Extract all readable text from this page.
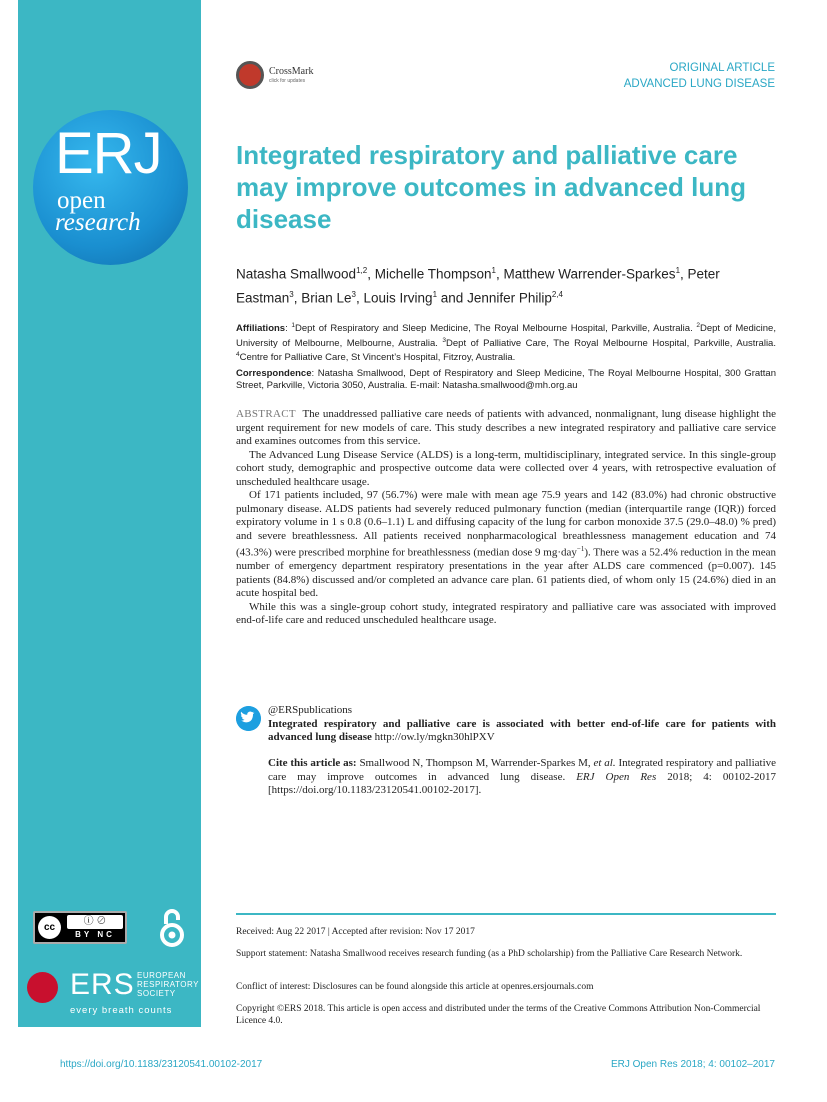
ERJ
open
research
cc
ⓘ ⊘
BY NC
ERS EUROPEAN
RESPIRATORY
SOCIETY
every breath counts
CrossMark
click for updates
ORIGINAL ARTICLE
ADVANCED LUNG DISEASE
Integrated respiratory and palliative care may improve outcomes in advanced lung disease
Natasha Smallwood$^{1,2}$, Michelle Thompson$^1$, Matthew Warrender-Sparkes$^1$, Peter Eastman$^3$, Brian Le$^3$, Louis Irving$^1$ and Jennifer Philip$^{2,4}$
Affiliations: $^1$Dept of Respiratory and Sleep Medicine, The Royal Melbourne Hospital, Parkville, Australia. $^2$Dept of Medicine, University of Melbourne, Melbourne, Australia. $^3$Dept of Palliative Care, The Royal Melbourne Hospital, Parkville, Australia. $^4$Centre for Palliative Care, St Vincent’s Hospital, Fitzroy, Australia.
Correspondence: Natasha Smallwood, Dept of Respiratory and Sleep Medicine, The Royal Melbourne Hospital, 300 Grattan Street, Parkville, Victoria 3050, Australia. E-mail: Natasha.smallwood@mh.org.au

ABSTRACT The unaddressed palliative care needs of patients with advanced, nonmalignant, lung disease highlight the urgent requirement for new models of care. This study describes a new integrated respiratory and palliative care service and examines outcomes from this service.

The Advanced Lung Disease Service (ALDS) is a long-term, multidisciplinary, integrated service. In this single-group cohort study, demographic and prospective outcome data were collected over 4 years, with retrospective evaluation of unscheduled healthcare usage.

Of 171 patients included, 97 (56.7%) were male with mean age 75.9 years and 142 (83.0%) had chronic obstructive pulmonary disease. ALDS patients had severely reduced pulmonary function (median (interquartile range (IQR)) forced expiratory volume in 1 s 0.8 (0.6–1.1) L and diffusing capacity of the lung for carbon monoxide 37.5 (29.0–48.0) % pred) and severe breathlessness. All patients received nonpharmacological breathlessness management education and 74 (43.3%) were prescribed morphine for breathlessness (median dose 9 mg·day$^{-1}$). There was a 52.4% reduction in the mean number of emergency department respiratory presentations in the year after ALDS care commenced (p=0.007). 145 patients (84.8%) discussed and/or completed an advance care plan. 61 patients died, of whom only 15 (24.6%) died in an acute hospital bed.

While this was a single-group cohort study, integrated respiratory and palliative care was associated with improved end-of-life care and reduced unscheduled healthcare usage.

@ERSpublications

Integrated respiratory and palliative care is associated with better end-of-life care for patients with advanced lung disease http://ow.ly/mgkn30hlPXV

Cite this article as: Smallwood N, Thompson M, Warrender-Sparkes M, et al. Integrated respiratory and palliative care may improve outcomes in advanced lung disease. ERJ Open Res 2018; 4: 00102-2017 [https://doi.org/10.1183/23120541.00102-2017].
Received: Aug 22 2017 | Accepted after revision: Nov 17 2017
Support statement: Natasha Smallwood receives research funding (as a PhD scholarship) from the Palliative Care Research Network.
Conflict of interest: Disclosures can be found alongside this article at openres.ersjournals.com
Copyright ©ERS 2018. This article is open access and distributed under the terms of the Creative Commons Attribution Non-Commercial Licence 4.0.
https://doi.org/10.1183/23120541.00102-2017	ERJ Open Res 2018; 4: 00102–2017
